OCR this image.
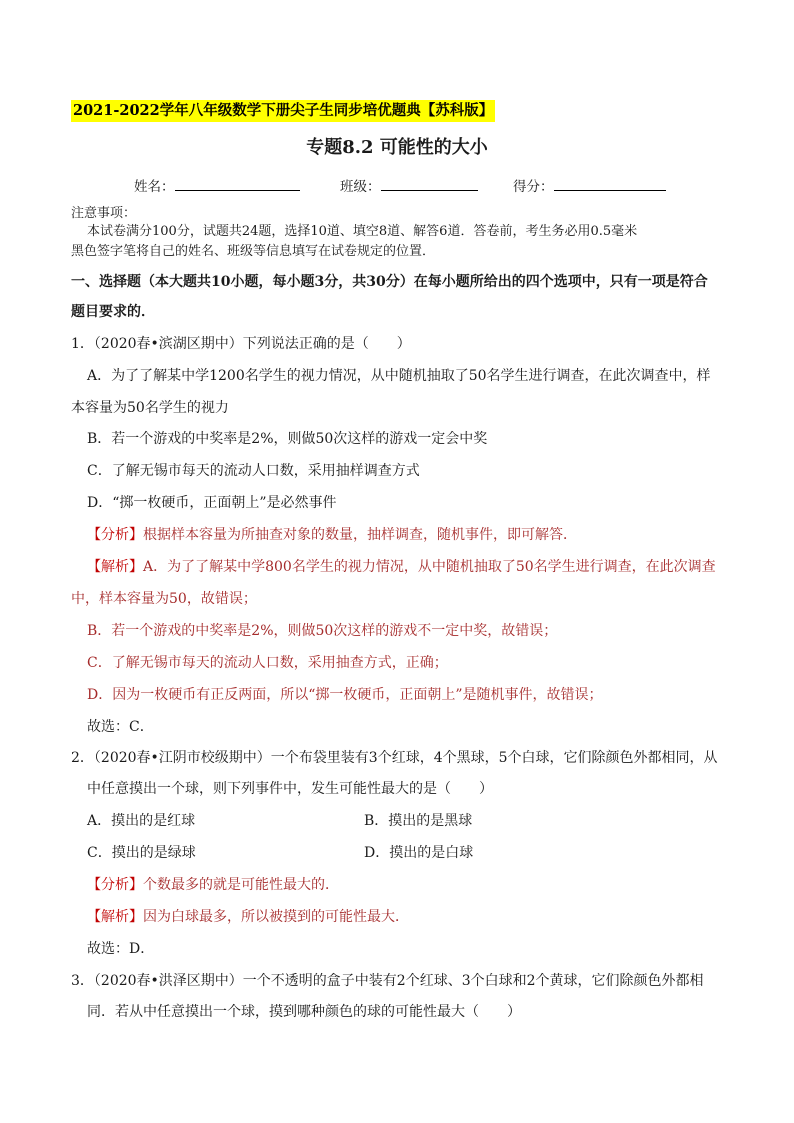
2021-2022学年八年级数学下册尖子生同步培优题典【苏科版】
专题8.2 可能性的大小
姓名：	班级：	得分：
注意事项：
本试卷满分100分，试题共24题，选择10道、填空8道、解答6道．答卷前，考生务必用0.5毫米
黑色签字笔将自己的姓名、班级等信息填写在试卷规定的位置．
一、选择题（本大题共10小题，每小题3分，共30分）在每小题所给出的四个选项中，只有一项是符合
题目要求的．
1．（2020春•滨湖区期中）下列说法正确的是（　　）
A．为了了解某中学1200名学生的视力情况，从中随机抽取了50名学生进行调查，在此次调查中，样
本容量为50名学生的视力
B．若一个游戏的中奖率是2%，则做50次这样的游戏一定会中奖
C．了解无锡市每天的流动人口数，采用抽样调查方式
D．“掷一枚硬币，正面朝上”是必然事件
【分析】根据样本容量为所抽查对象的数量，抽样调查，随机事件，即可解答．
【解析】A．为了了解某中学800名学生的视力情况，从中随机抽取了50名学生进行调查，在此次调查
中，样本容量为50，故错误；
B．若一个游戏的中奖率是2%，则做50次这样的游戏不一定中奖，故错误；
C．了解无锡市每天的流动人口数，采用抽查方式，正确；
D．因为一枚硬币有正反两面，所以“掷一枚硬币，正面朝上”是随机事件，故错误；
故选：C．
2．（2020春•江阴市校级期中）一个布袋里装有3个红球，4个黑球，5个白球，它们除颜色外都相同，从
中任意摸出一个球，则下列事件中，发生可能性最大的是（　　）
A．摸出的是红球	B．摸出的是黑球
C．摸出的是绿球	D．摸出的是白球
【分析】个数最多的就是可能性最大的．
【解析】因为白球最多，所以被摸到的可能性最大．
故选：D．
3．（2020春•洪泽区期中）一个不透明的盒子中装有2个红球、3个白球和2个黄球，它们除颜色外都相
同．若从中任意摸出一个球，摸到哪种颜色的球的可能性最大（　　）
